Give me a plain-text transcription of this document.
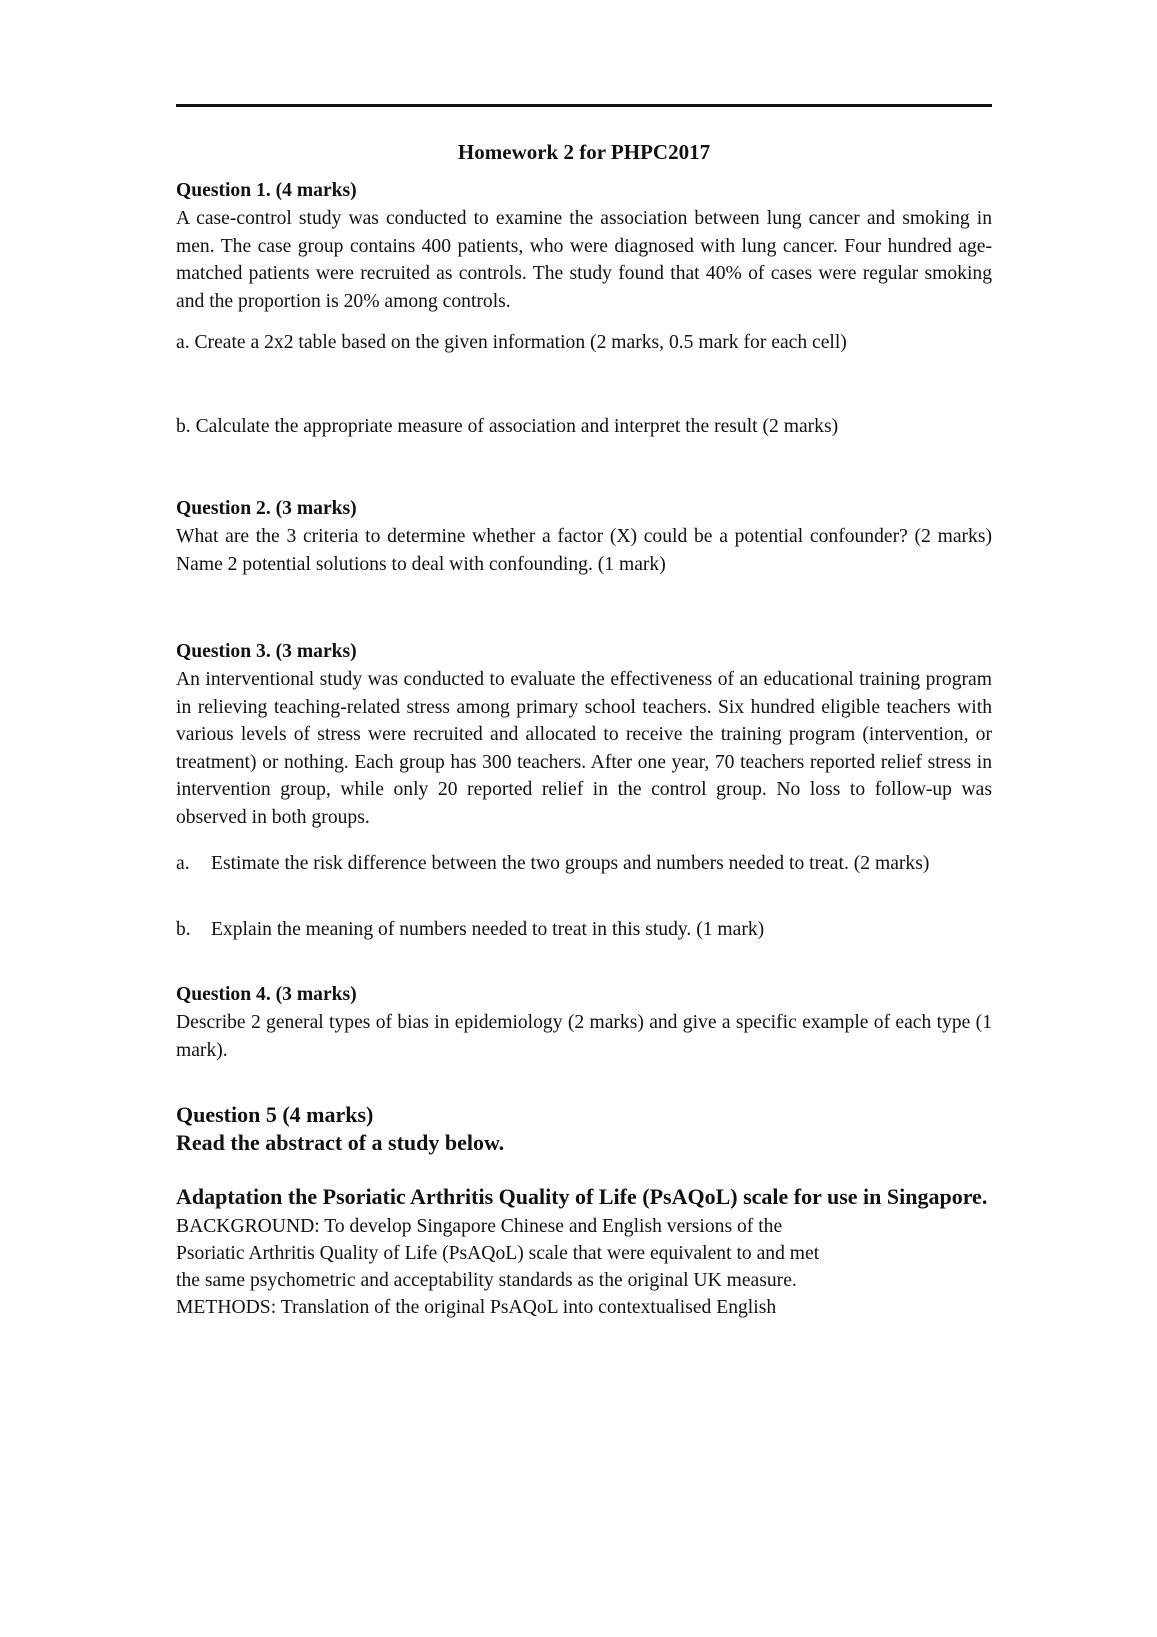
Homework 2 for PHPC2017
Question 1. (4 marks)

A case-control study was conducted to examine the association between lung cancer and smoking in men. The case group contains 400 patients, who were diagnosed with lung cancer. Four hundred age-matched patients were recruited as controls. The study found that 40% of cases were regular smoking and the proportion is 20% among controls.

a. Create a 2x2 table based on the given information (2 marks, 0.5 mark for each cell)
b. Calculate the appropriate measure of association and interpret the result (2 marks)
Question 2. (3 marks)

What are the 3 criteria to determine whether a factor (X) could be a potential confounder? (2 marks) Name 2 potential solutions to deal with confounding. (1 mark)

Question 3. (3 marks)

An interventional study was conducted to evaluate the effectiveness of an educational training program in relieving teaching-related stress among primary school teachers. Six hundred eligible teachers with various levels of stress were recruited and allocated to receive the training program (intervention, or treatment) or nothing. Each group has 300 teachers. After one year, 70 teachers reported relief stress in intervention group, while only 20 reported relief in the control group. No loss to follow-up was observed in both groups.

a.	Estimate the risk difference between the two groups and numbers needed to treat. (2 marks)
b.	Explain the meaning of numbers needed to treat in this study. (1 mark)
Question 4. (3 marks)

Describe 2 general types of bias in epidemiology (2 marks) and give a specific example of each type (1 mark).

Question 5 (4 marks)
Read the abstract of a study below.
Adaptation the Psoriatic Arthritis Quality of Life (PsAQoL) scale for use in Singapore.
BACKGROUND: To develop Singapore Chinese and English versions of the
Psoriatic Arthritis Quality of Life (PsAQoL) scale that were equivalent to and met
the same psychometric and acceptability standards as the original UK measure.
METHODS: Translation of the original PsAQoL into contextualised English
